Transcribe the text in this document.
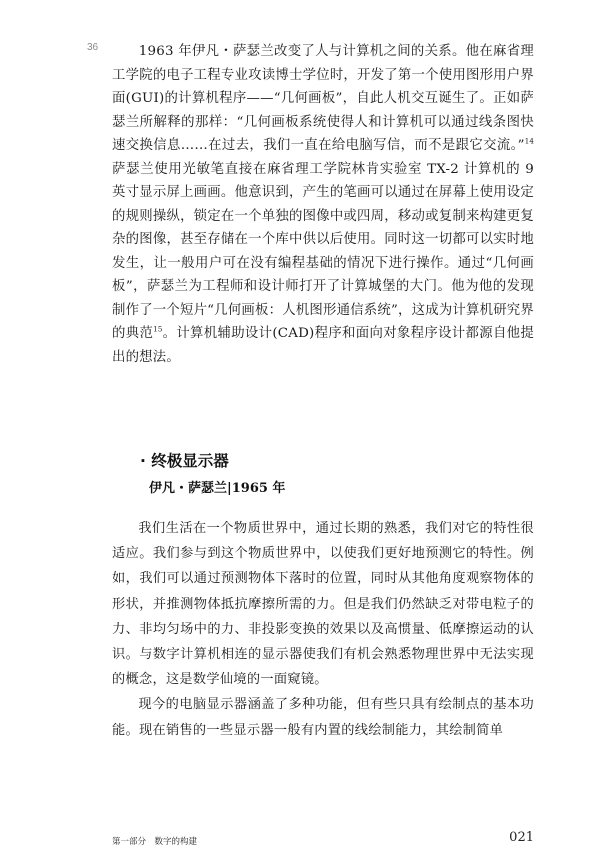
36	1963 年伊凡・萨瑟兰改变了人与计算机之间的关系。他在麻省理工学院的电子工程专业攻读博士学位时，开发了第一个使用图形用户界面(GUI)的计算机程序——“几何画板”，自此人机交互诞生了。正如萨瑟兰所解释的那样：“几何画板系统使得人和计算机可以通过线条图快速交换信息……在过去，我们一直在给电脑写信，而不是跟它交流。”$^{14}$萨瑟兰使用光敏笔直接在麻省理工学院林肯实验室 TX-2 计算机的 9 英寸显示屏上画画。他意识到，产生的笔画可以通过在屏幕上使用设定的规则操纵，锁定在一个单独的图像中或四周，移动或复制来构建更复杂的图像，甚至存储在一个库中供以后使用。同时这一切都可以实时地发生，让一般用户可在没有编程基础的情况下进行操作。通过“几何画板”，萨瑟兰为工程师和设计师打开了计算城堡的大门。他为他的发现制作了一个短片“几何画板：人机图形通信系统”，这成为计算机研究界的典范$^{15}$。计算机辅助设计(CAD)程序和面向对象程序设计都源自他提出的想法。

· 终极显示器
伊凡・萨瑟兰|1965 年

我们生活在一个物质世界中，通过长期的熟悉，我们对它的特性很适应。我们参与到这个物质世界中，以使我们更好地预测它的特性。例如，我们可以通过预测物体下落时的位置，同时从其他角度观察物体的形状，并推测物体抵抗摩擦所需的力。但是我们仍然缺乏对带电粒子的力、非均匀场中的力、非投影变换的效果以及高惯量、低摩擦运动的认识。与数字计算机相连的显示器使我们有机会熟悉物理世界中无法实现的概念，这是数学仙境的一面窥镜。

现今的电脑显示器涵盖了多种功能，但有些只具有绘制点的基本功能。现在销售的一些显示器一般有内置的线绘制能力，其绘制简单

第一部分　数字的构建	021
